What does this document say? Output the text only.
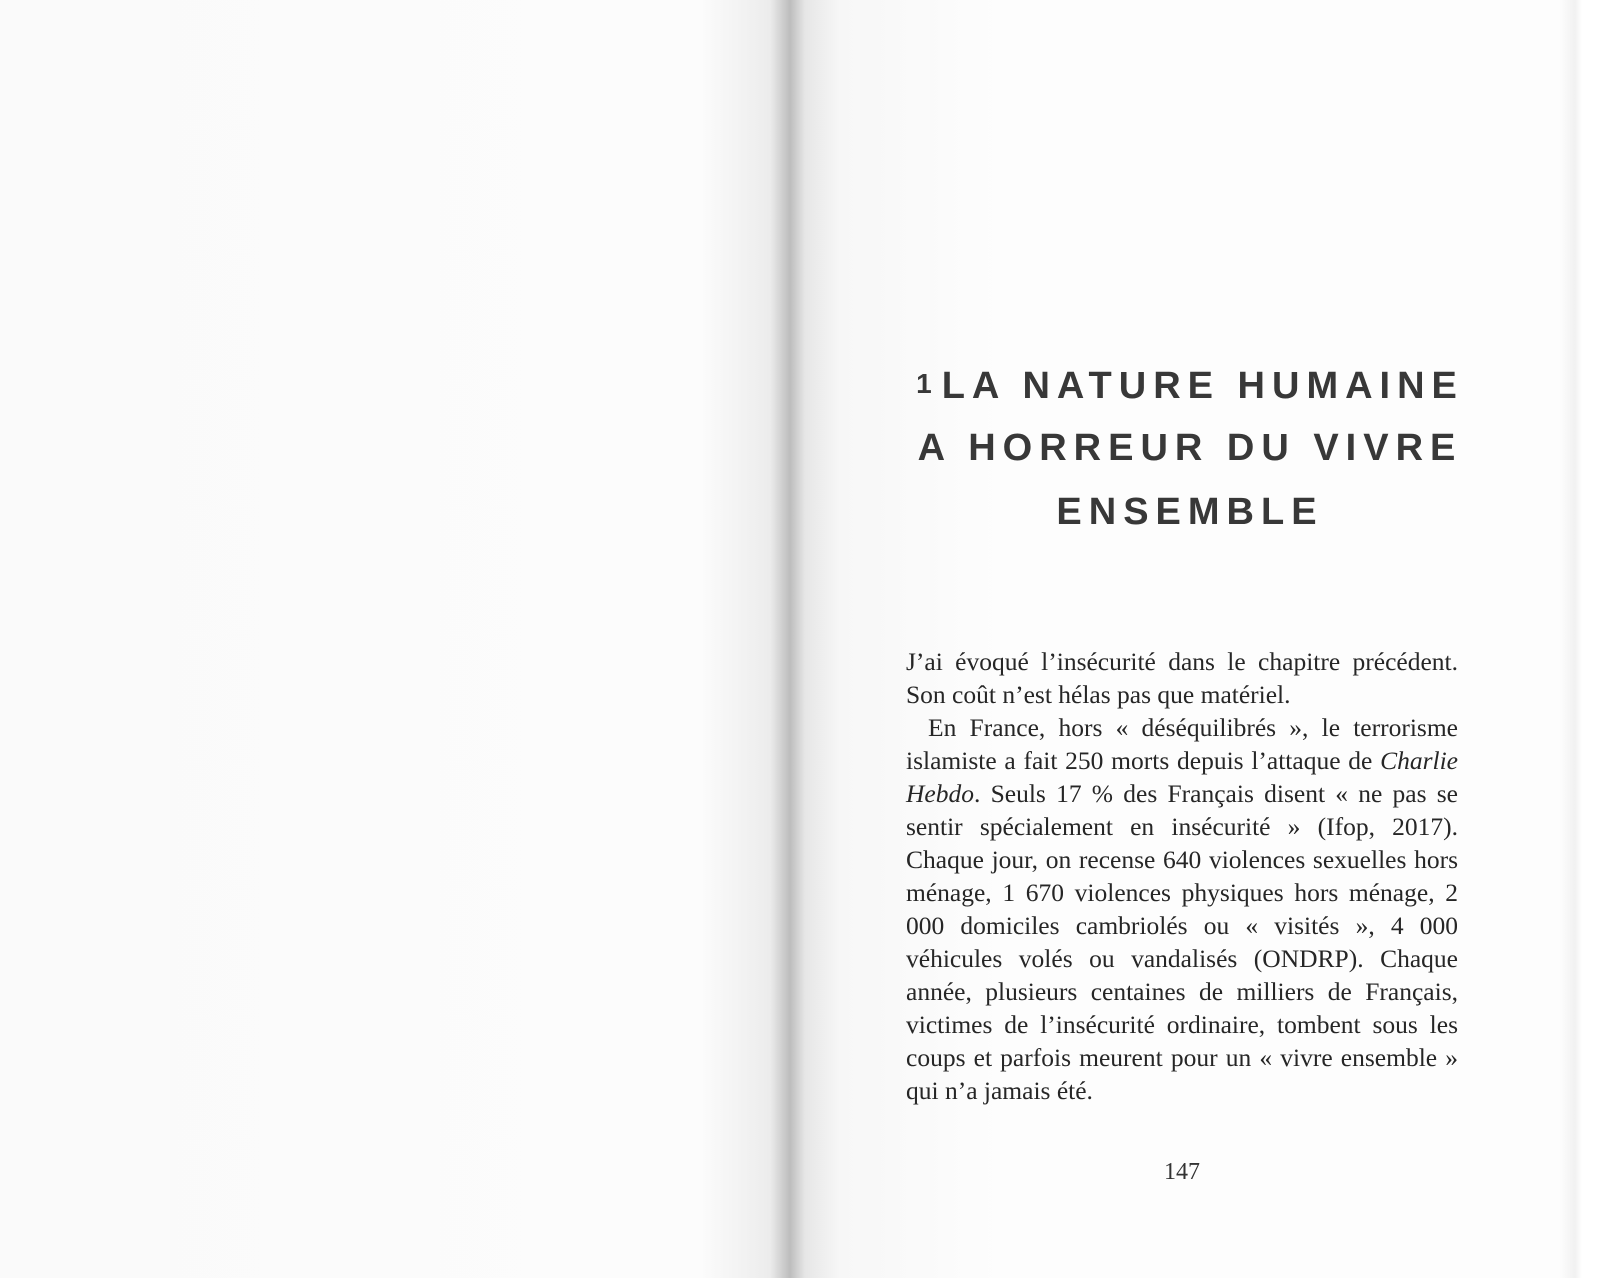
1 LA NATURE HUMAINE
A HORREUR DU VIVRE
ENSEMBLE

J’ai évoqué l’insécurité dans le chapitre précédent. Son coût n’est hélas pas que matériel.

En France, hors « déséquilibrés », le terrorisme islamiste a fait 250 morts depuis l’attaque de Charlie Hebdo. Seuls 17 % des Français disent « ne pas se sentir spécialement en insécurité » (Ifop, 2017). Chaque jour, on recense 640 violences sexuelles hors ménage, 1 670 violences physiques hors ménage, 2 000 domiciles cambriolés ou « visités », 4 000 véhicules volés ou vandalisés (ONDRP). Chaque année, plusieurs centaines de milliers de Français, victimes de l’insécurité ordinaire, tombent sous les coups et parfois meurent pour un « vivre ensemble » qui n’a jamais été.

147
